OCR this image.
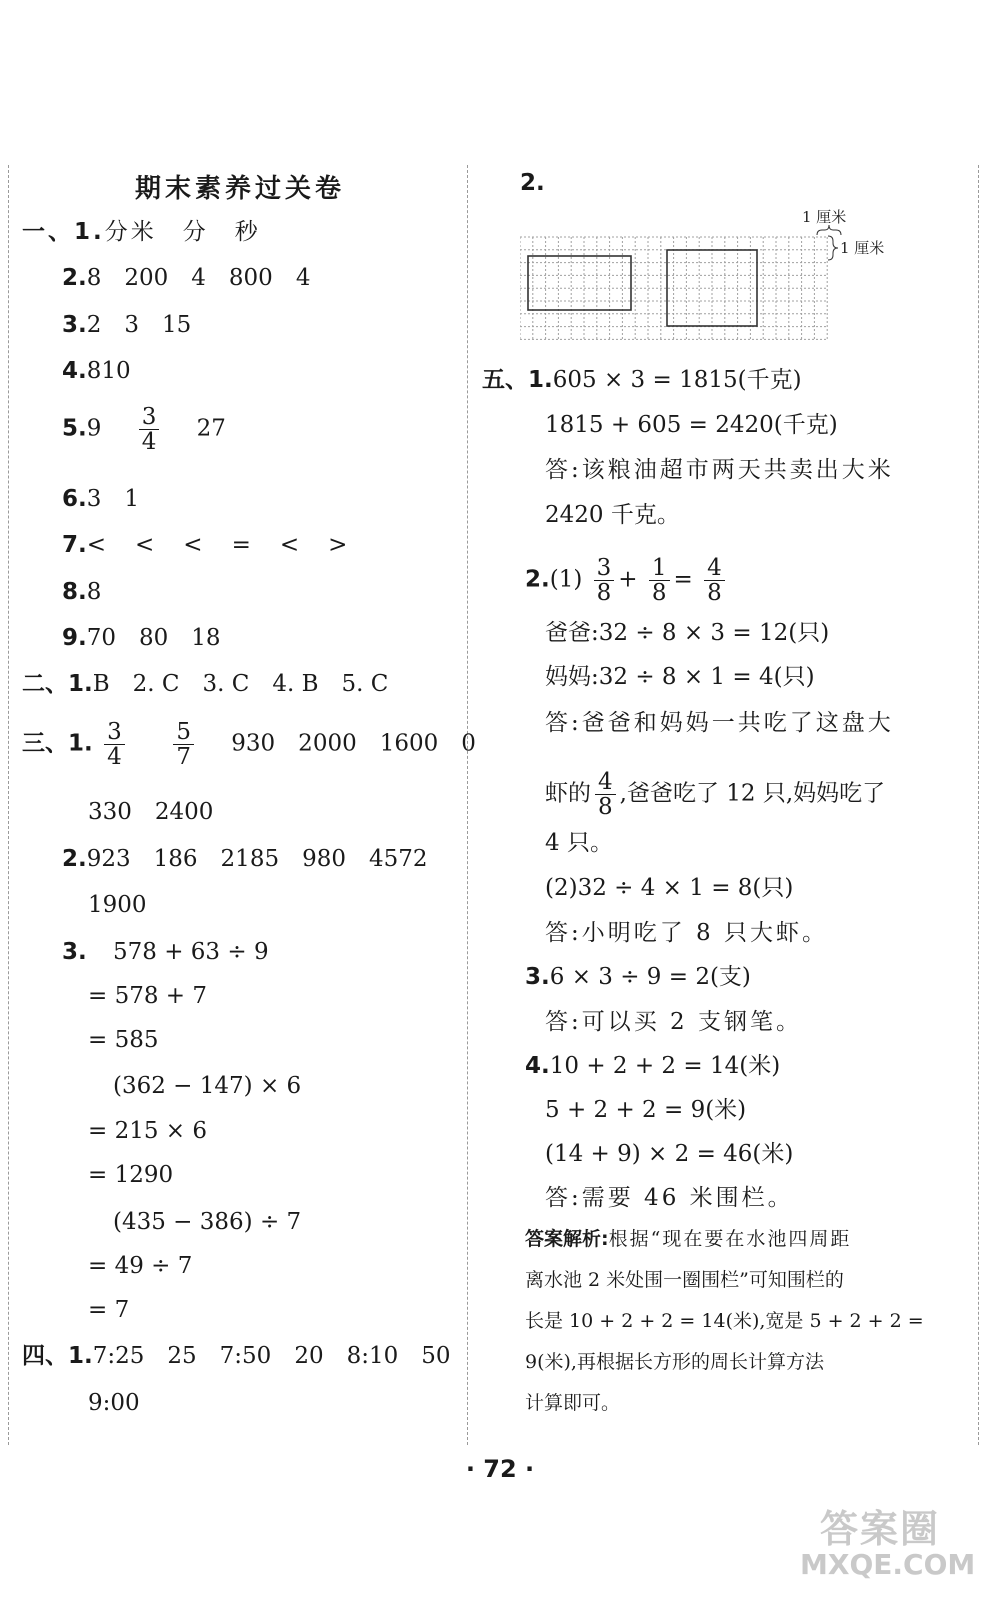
期末素养过关卷
一、1.分米　分　秒
2.8　200　4　800　4
3.2　3　15
4.810
$5.9 \frac{3}{4} 27$
6.3　1
7.<　<　<　=　<　>
8.8
9.70　80　18
二、1.B　2. C　3. C　4. B　5. C
三、1. $\frac{3}{4}$
$\frac{5}{7} 930$　2000　1600　0
330　2400
2.923　186　2185　980　4572
1900
3. 578 + 63 ÷ 9
= 578 + 7
= 585
(362 − 147) × 6
= 215 × 6
= 1290
(435 − 386) ÷ 7
= 49 ÷ 7
= 7
四、1.7:25　25　7:50　20　8:10　50
9:00
2.
1 厘米
1 厘米
五、1.605 × 3 = 1815(千克)
1815 + 605 = 2420(千克)
答:该粮油超市两天共卖出大米
2420 千克。
$2.(1) \frac{3}{8} + \frac{1}{8} = \frac{4}{8}$
爸爸:32 ÷ 8 × 3 = 12(只)
妈妈:32 ÷ 8 × 1 = 4(只)
答:爸爸和妈妈一共吃了这盘大
虾的 $\frac{4}{8}$ ,爸爸吃了 12 只,妈妈吃了
4 只。
(2)32 ÷ 4 × 1 = 8(只)
答:小明吃了 8 只大虾。
3.6 × 3 ÷ 9 = 2(支)
答:可以买 2 支钢笔。
4.10 + 2 + 2 = 14(米)
5 + 2 + 2 = 9(米)
(14 + 9) × 2 = 46(米)
答:需要 46 米围栏。
答案解析:根据“现在要在水池四周距
离水池 2 米处围一圈围栏”可知围栏的
长是 10 + 2 + 2 = 14(米),宽是 5 + 2 + 2 =
9(米),再根据长方形的周长计算方法
计算即可。
· 72 ·
答案圈
MXQE.COM
